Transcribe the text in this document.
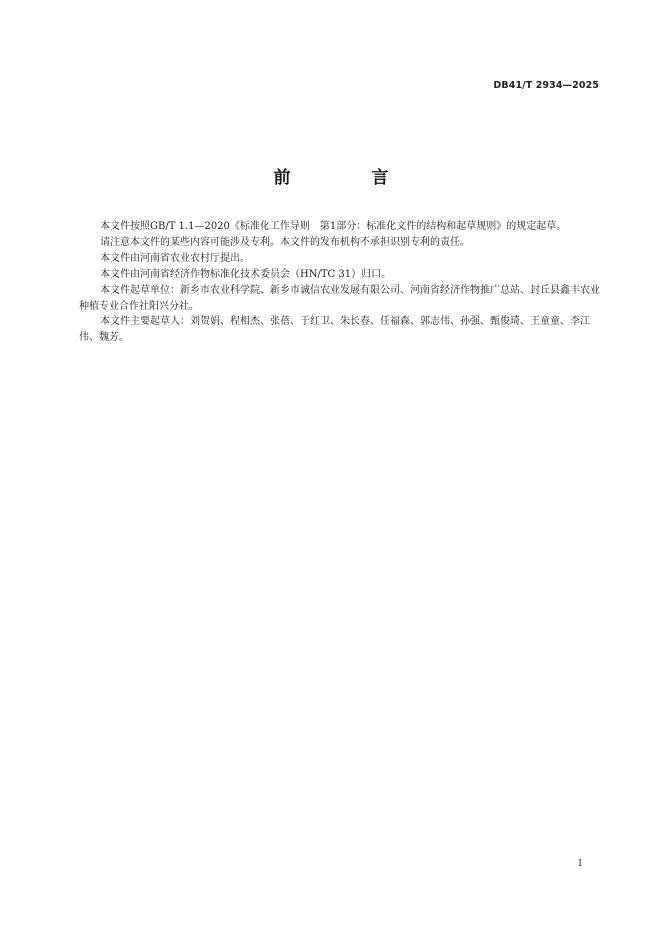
DB41/T 2934—2025
前　言

本文件按照GB/T 1.1—2020《标准化工作导则　第1部分：标准化文件的结构和起草规则》的规定起草。

请注意本文件的某些内容可能涉及专利。本文件的发布机构不承担识别专利的责任。

本文件由河南省农业农村厅提出。

本文件由河南省经济作物标准化技术委员会（HN/TC 31）归口。

本文件起草单位：新乡市农业科学院、新乡市诚信农业发展有限公司、河南省经济作物推广总站、封丘县鑫丰农业种植专业合作社阳兴分社。

本文件主要起草人：刘贺娟、程相杰、张蓓、于红卫、朱长春、任福森、郭志伟、孙强、甄俊琦、王童童、李江伟、魏芳。

I
